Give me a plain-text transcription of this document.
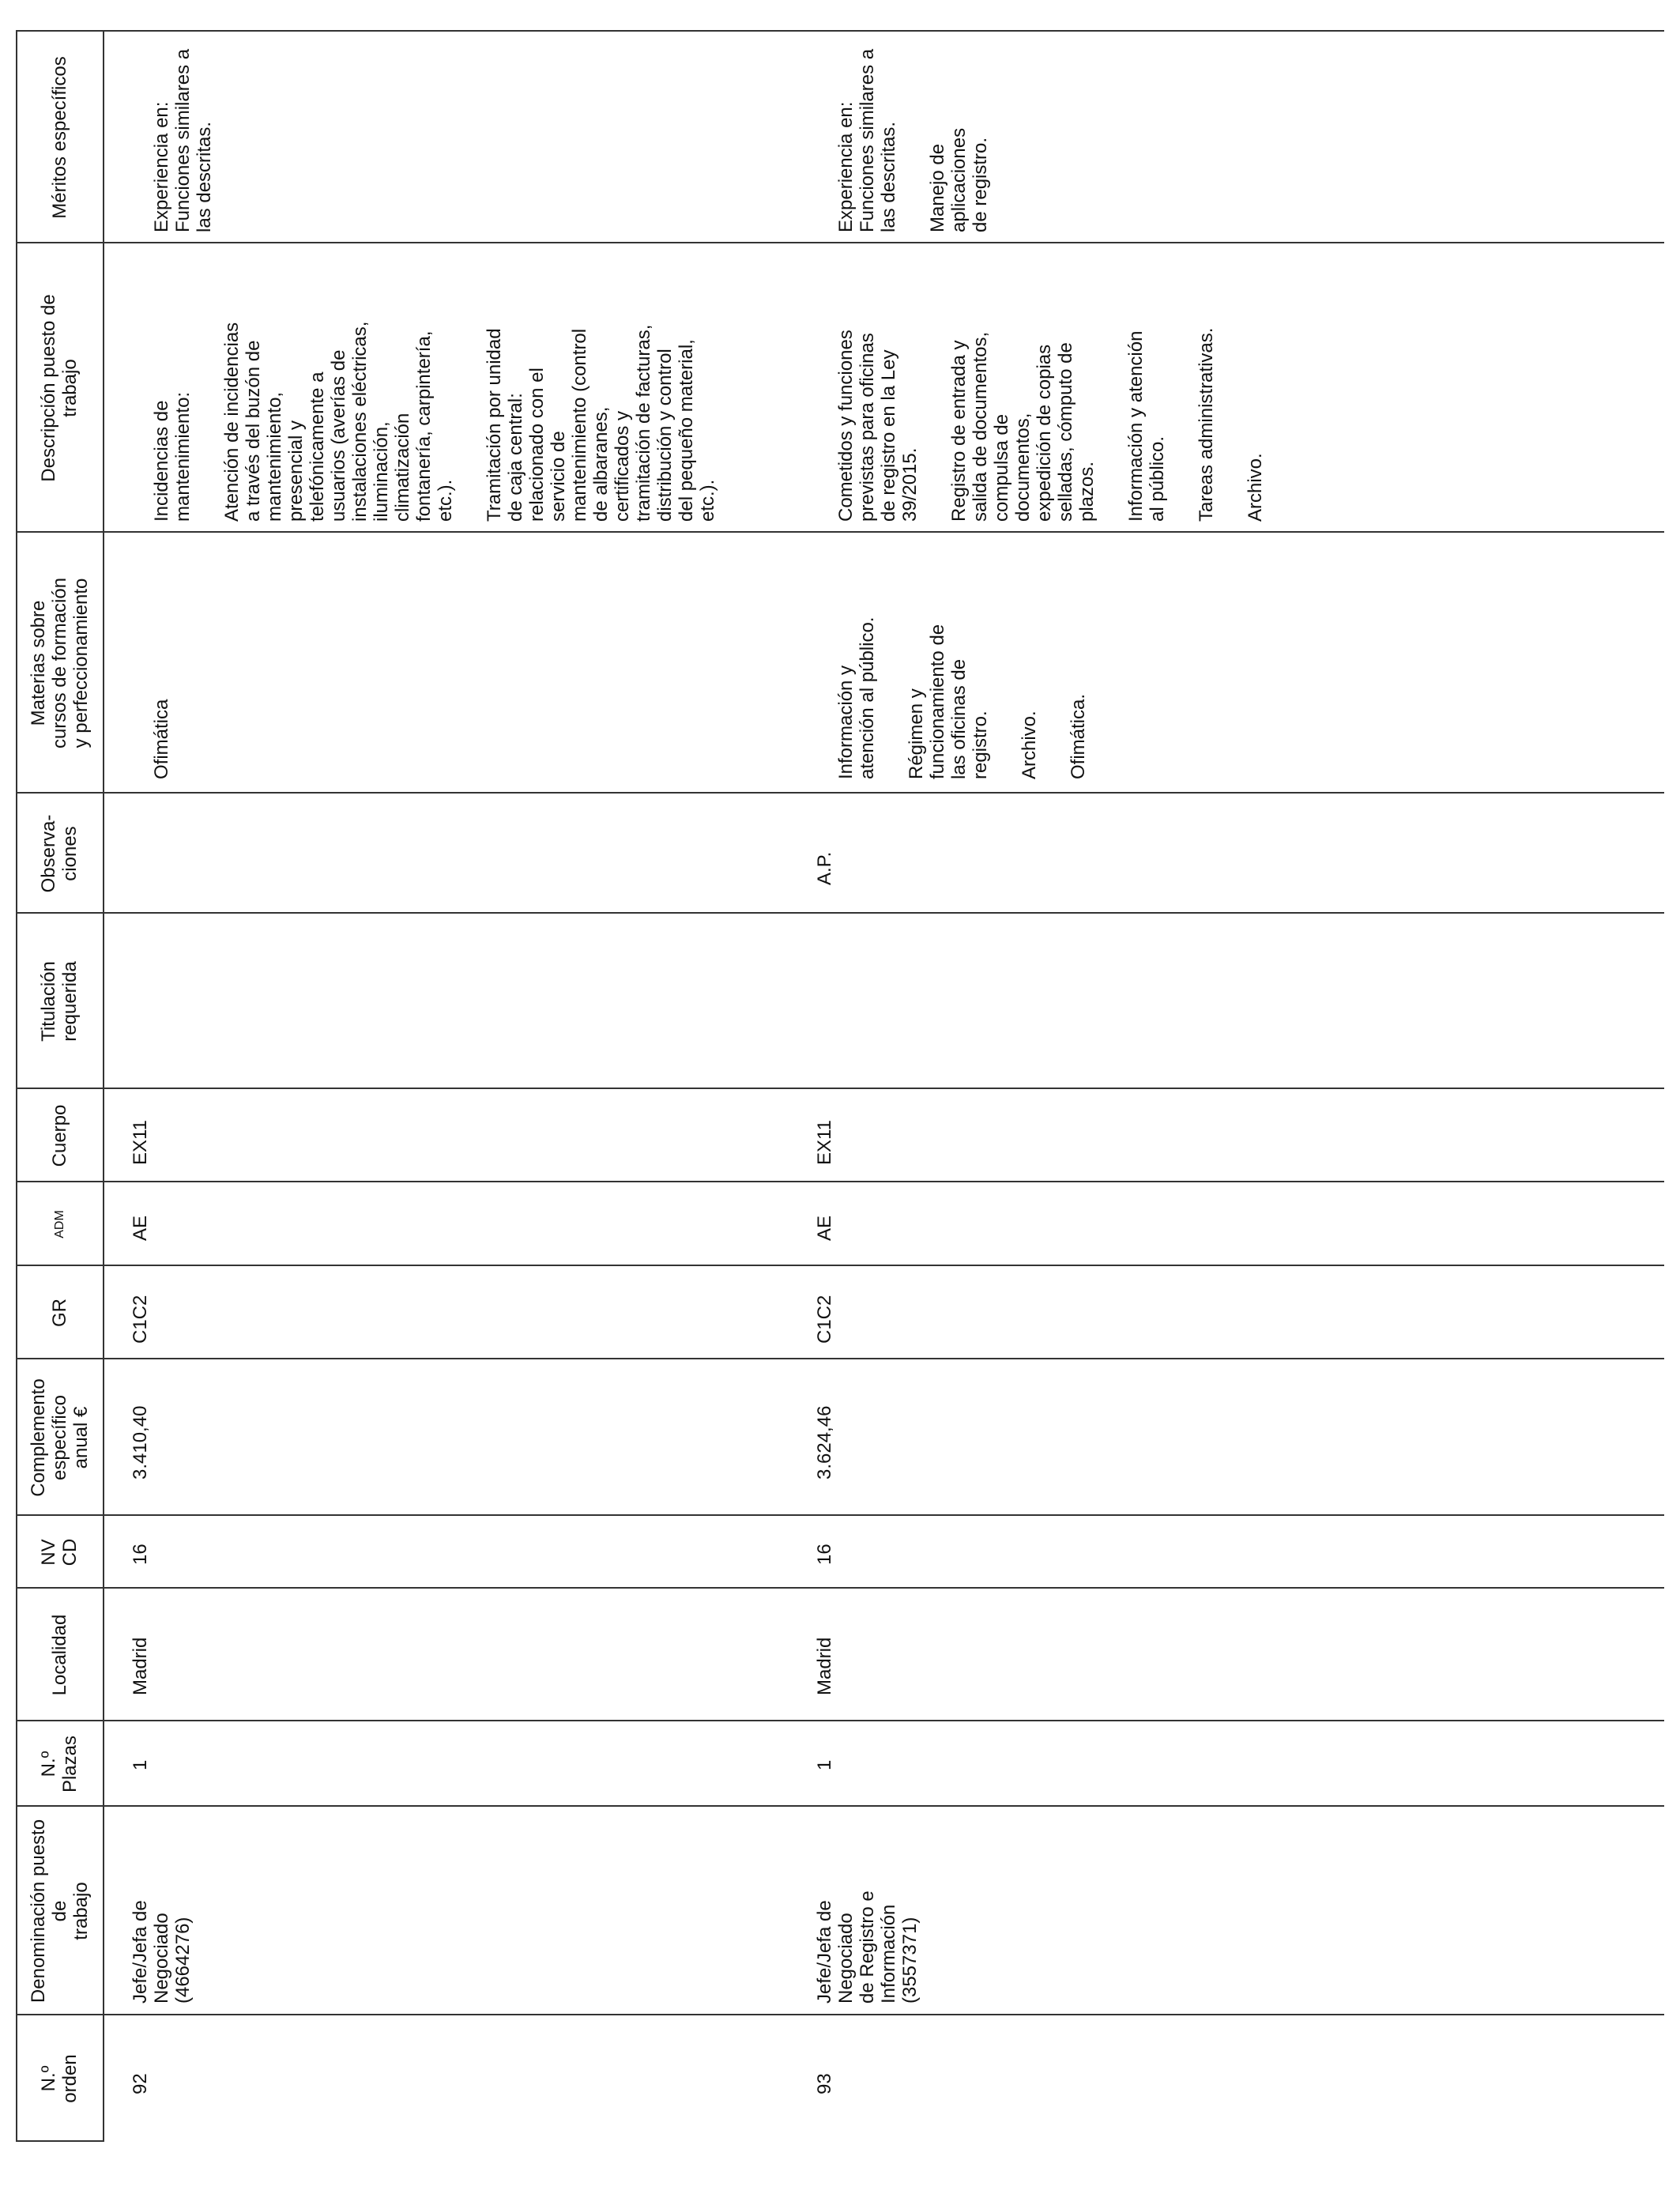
N.º
orden
Denominación puesto de
trabajo
N.º
Plazas
Localidad
NV
CD
Complemento
específico
anual €
GR
ADM
Cuerpo
Titulación
requerida
Observa-
ciones
Materias sobre
cursos de formación
y perfeccionamiento
Descripción puesto de
trabajo
Méritos específicos
92
Jefe/Jefa de Negociado
(4664276)
1
Madrid
16
3.410,40
C1C2
AE
EX11

Ofimática

Incidencias de
mantenimiento: Atención de incidencias
a través del buzón de
mantenimiento,
presencial y
telefónicamente a
usuarios (averías de
instalaciones eléctricas,
iluminación,
climatización
fontanería, carpintería,
etc.). Tramitación por unidad
de caja central:
relacionado con el
servicio de
mantenimiento (control
de albaranes,
certificados y
tramitación de facturas,
distribución y control
del pequeño material,
etc.).

Experiencia en:
Funciones similares a
las descritas.

93
Jefe/Jefa de Negociado
de Registro e Información
(3557371)
1
Madrid
16
3.624,46
C1C2
AE
EX11
A.P.

Información y
atención al público.

Régimen y
funcionamiento de
las oficinas de
registro. Archivo. Ofimática.

Cometidos y funciones
previstas para oficinas
de registro en la Ley
39/2015. Registro de entrada y
salida de documentos,
compulsa de
documentos,
expedición de copias
selladas, cómputo de
plazos. Información y atención
al público. Tareas administrativas. Archivo.

Experiencia en:
Funciones similares a
las descritas. Manejo de aplicaciones
de registro.
